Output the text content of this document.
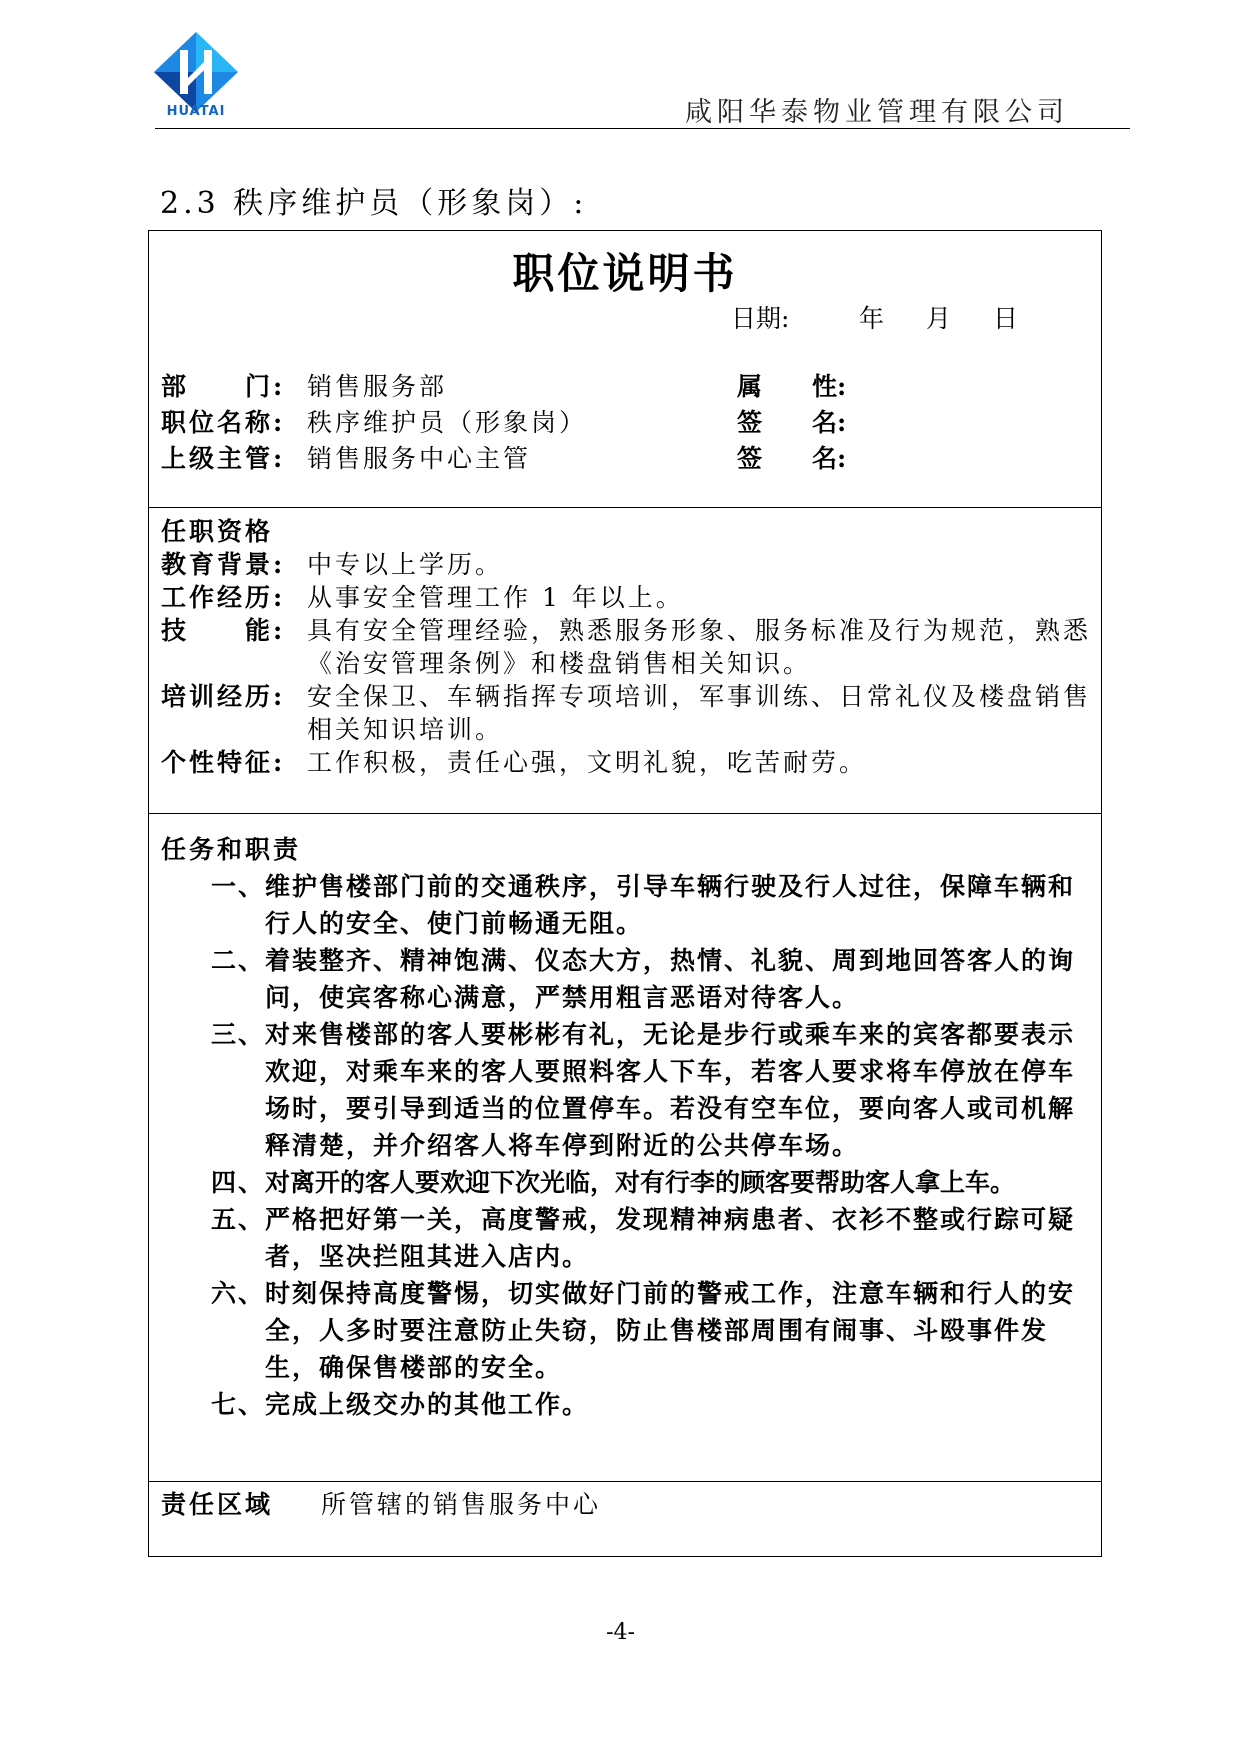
HUATAI	咸阳华泰物业管理有限公司
2.3 秩序维护员（形象岗）:
职位说明书
日期:	年 月 日
部　　门: 销售服务部
职位名称: 秩序维护员（形象岗）
上级主管: 销售服务中心主管
属　　性:
签　　名:
签　　名:
任职资格
教育背景: 中专以上学历。
工作经历: 从事安全管理工作 1 年以上。
技　　能: 具有安全管理经验，熟悉服务形象、服务标准及行为规范，熟悉《治安管理条例》和楼盘销售相关知识。
培训经历: 安全保卫、车辆指挥专项培训，军事训练、日常礼仪及楼盘销售相关知识培训。
个性特征: 工作积极，责任心强，文明礼貌，吃苦耐劳。
任务和职责
一、 维护售楼部门前的交通秩序，引导车辆行驶及行人过往，保障车辆和行人的安全、使门前畅通无阻。
二、 着装整齐、精神饱满、仪态大方，热情、礼貌、周到地回答客人的询问，使宾客称心满意，严禁用粗言恶语对待客人。
三、 对来售楼部的客人要彬彬有礼，无论是步行或乘车来的宾客都要表示欢迎，对乘车来的客人要照料客人下车，若客人要求将车停放在停车场时，要引导到适当的位置停车。若没有空车位，要向客人或司机解释清楚，并介绍客人将车停到附近的公共停车场。
四、 对离开的客人要欢迎下次光临，对有行李的顾客要帮助客人拿上车。
五、 严格把好第一关，高度警戒，发现精神病患者、衣衫不整或行踪可疑者，坚决拦阻其进入店内。
六、 时刻保持高度警惕，切实做好门前的警戒工作，注意车辆和行人的安全，人多时要注意防止失窃，防止售楼部周围有闹事、斗殴事件发生，确保售楼部的安全。
七、 完成上级交办的其他工作。
责任区域 所管辖的销售服务中心
-4-
